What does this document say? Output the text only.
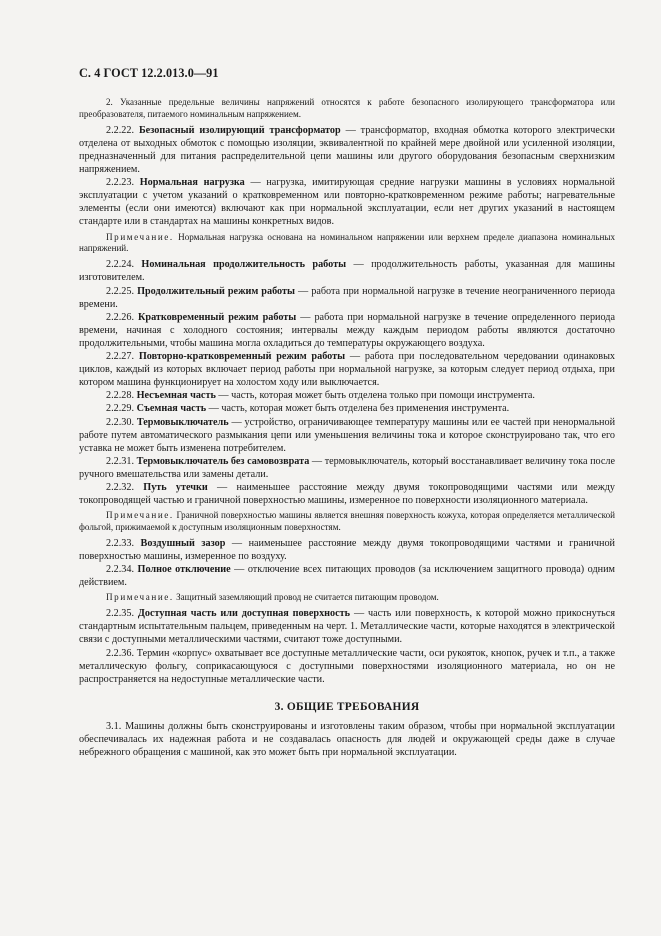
С. 4 ГОСТ 12.2.013.0—91

2. Указанные предельные величины напряжений относятся к работе безопасного изолирующего трансформатора или преобразователя, питаемого номинальным напряжением.

2.2.22. Безопасный изолирующий трансформатор — трансформатор, входная обмотка которого электрически отделена от выходных обмоток с помощью изоляции, эквивалентной по крайней мере двойной или усиленной изоляции, предназначенный для питания распределительной цепи машины или другого оборудования безопасным сверхнизким напряжением.

2.2.23. Нормальная нагрузка — нагрузка, имитирующая средние нагрузки машины в условиях нормальной эксплуатации с учетом указаний о кратковременном или повторно-кратковременном режиме работы; нагревательные элементы (если они имеются) включают как при нормальной эксплуатации, если нет других указаний в настоящем стандарте или в стандартах на машины конкретных видов.

Примечание. Нормальная нагрузка основана на номинальном напряжении или верхнем пределе диапазона номинальных напряжений.

2.2.24. Номинальная продолжительность работы — продолжительность работы, указанная для машины изготовителем.

2.2.25. Продолжительный режим работы — работа при нормальной нагрузке в течение неограниченного периода времени.

2.2.26. Кратковременный режим работы — работа при нормальной нагрузке в течение определенного периода времени, начиная с холодного состояния; интервалы между каждым периодом работы являются достаточно продолжительными, чтобы машина могла охладиться до температуры окружающего воздуха.

2.2.27. Повторно-кратковременный режим работы — работа при последовательном чередовании одинаковых циклов, каждый из которых включает период работы при нормальной нагрузке, за которым следует период отдыха, при котором машина функционирует на холостом ходу или выключается.

2.2.28. Несъемная часть — часть, которая может быть отделена только при помощи инструмента.

2.2.29. Съемная часть — часть, которая может быть отделена без применения инструмента.

2.2.30. Термовыключатель — устройство, ограничивающее температуру машины или ее частей при ненормальной работе путем автоматического размыкания цепи или уменьшения величины тока и которое сконструировано так, что его уставка не может быть изменена потребителем.

2.2.31. Термовыключатель без самовозврата — термовыключатель, который восстанавливает величину тока после ручного вмешательства или замены детали.

2.2.32. Путь утечки — наименьшее расстояние между двумя токопроводящими частями или между токопроводящей частью и граничной поверхностью машины, измеренное по поверхности изоляционного материала.

Примечание. Граничной поверхностью машины является внешняя поверхность кожуха, которая определяется металлической фольгой, прижимаемой к доступным изоляционным поверхностям.

2.2.33. Воздушный зазор — наименьшее расстояние между двумя токопроводящими частями и граничной поверхностью машины, измеренное по воздуху.

2.2.34. Полное отключение — отключение всех питающих проводов (за исключением защитного провода) одним действием.

Примечание. Защитный заземляющий провод не считается питающим проводом.

2.2.35. Доступная часть или доступная поверхность — часть или поверхность, к которой можно прикоснуться стандартным испытательным пальцем, приведенным на черт. 1. Металлические части, которые находятся в электрической связи с доступными металлическими частями, считают тоже доступными.

2.2.36. Термин «корпус» охватывает все доступные металлические части, оси рукояток, кнопок, ручек и т.п., а также металлическую фольгу, соприкасающуюся с доступными поверхностями изоляционного материала, но он не распространяется на недоступные металлические части.

3. ОБЩИЕ ТРЕБОВАНИЯ

3.1. Машины должны быть сконструированы и изготовлены таким образом, чтобы при нормальной эксплуатации обеспечивалась их надежная работа и не создавалась опасность для людей и окружающей среды даже в случае небрежного обращения с машиной, как это может быть при нормальной эксплуатации.
